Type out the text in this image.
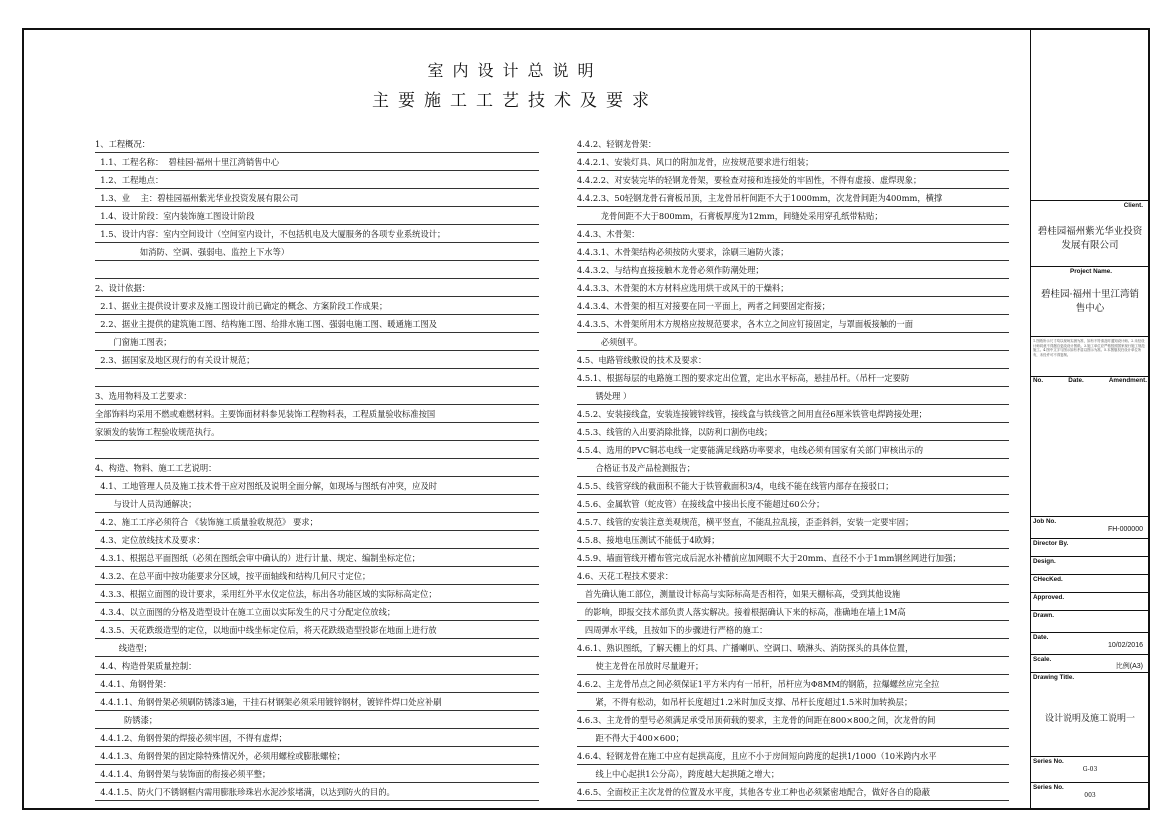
室内设计总说明
主要施工工艺技术及要求
1、工程概况：
1.1、工程名称：  碧桂园·福州十里江湾销售中心
1.2、工程地点：
1.3、业    主：碧桂园福州紫光华业投资发展有限公司
1.4、设计阶段：室内装饰施工图设计阶段
1.5、设计内容：室内空间设计（空间室内设计，不包括机电及大厦服务的各项专业系统设计；
如消防、空调、强弱电、监控上下水等）
2、设计依据：
2.1、据业主提供设计要求及施工图设计前已确定的概念、方案阶段工作成果；
2.2、据业主提供的建筑施工图、结构施工图、给排水施工图、强弱电施工图、暖通施工图及
门窗施工图表；
2.3、据国家及地区现行的有关设计规范；
3、选用物料及工艺要求：
全部饰料均采用不燃或难燃材料。主要饰面材料参见装饰工程物料表，工程质量验收标准按国
家颁发的装饰工程验收规范执行。
4、构造、物料、施工工艺说明：
4.1、工地管理人员及施工技术骨干应对图纸及说明全面分解，如现场与图纸有冲突，应及时
与设计人员沟通解决；
4.2、施工工序必须符合 《装饰施工质量验收规范》 要求；
4.3、定位放线技术及要求：
4.3.1、根据总平面图纸（必须在图纸会审中确认的）进行计量、规定、编制坐标定位；
4.3.2、在总平面中按功能要求分区域，按平面轴线和结构几何尺寸定位；
4.3.3、根据立面图的设计要求，采用红外平水仪定位法，标出各功能区域的实际标高定位；
4.3.4、以立面图的分格及造型设计在施工立面以实际发生的尺寸分配定位放线；
4.3.5、天花跌级造型的定位，以地面中线坐标定位后，将天花跌级造型投影在地面上进行放
线造型；
4.4、构造骨架质量控制：
4.4.1、角钢骨架：
4.4.1.1、角钢骨架必须刷防锈漆3遍，干挂石材钢架必须采用镀锌钢材，镀锌件焊口处应补刷
防锈漆；
4.4.1.2、角钢骨架的焊接必须牢固，不得有虚焊；
4.4.1.3、角钢骨架的固定除特殊情况外，必须用螺栓或膨胀螺栓；
4.4.1.4、角钢骨架与装饰面的衔接必须平整；
4.4.1.5、防火门不锈钢框内需用膨胀珍珠岩水泥沙浆堵满，以达到防火的目的。
4.4.2、轻钢龙骨架：
4.4.2.1、安装灯具、风口的附加龙骨，应按规范要求进行组装；
4.4.2.2、对安装完毕的轻钢龙骨架，要检查对接和连接处的牢固性，不得有虚接、虚焊现象；
4.4.2.3、50轻钢龙骨石膏板吊顶，主龙骨吊杆间距不大于1000mm，次龙骨间距为400mm，横撑
龙骨间距不大于800mm，石膏板厚度为12mm，间缝处采用穿孔纸带粘贴；
4.4.3、木骨架：
4.4.3.1、木骨架结构必须按防火要求，涂刷三遍防火漆；
4.4.3.2、与结构直接接触木龙骨必须作防潮处理；
4.4.3.3、木骨架的木方材料应选用烘干或风干的干燥料；
4.4.3.4、木骨架的相互对接要在同一平面上，两者之间要固定衔接；
4.4.3.5、木骨架所用木方规格应按规范要求，各木立之间应钉接固定，与罩面板接触的一面
必须刨平。
4.5、电路管线敷设的技术及要求：
4.5.1、根据每层的电路施工图的要求定出位置，定出水平标高，悬挂吊杆。（吊杆一定要防
锈处理 ）
4.5.2、安装接线盒，安装连接镀锌线管，接线盒与铁线管之间用直径6厘米铁管电焊跨接处理；
4.5.3、线管的入出要消除批锋，以防利口割伤电线；
4.5.4、选用的PVC铜芯电线一定要能满足线路功率要求，电线必须有国家有关部门审核出示的
合格证书及产品检测报告；
4.5.5、线管穿线的截面积不能大于铁管截面积3/4，电线不能在线管内部存在接驳口；
4.5.6、金属软管（蛇皮管）在接线盒中接出长度不能超过60公分；
4.5.7、线管的安装注意美观规范，横平竖直，不能乱拉乱接，歪歪斜斜，安装一定要牢固；
4.5.8、接地电压测试不能低于4欧姆；
4.5.9、墙面管线开槽布管完成后泥水补槽前应加网眼不大于20mm、直径不小于1mm钢丝网进行加强；
4.6、天花工程技术要求：
首先确认施工部位，测量设计标高与实际标高是否相符，如果天棚标高，受到其他设施
的影响，即报交技术部负责人落实解决。接着根据确认下来的标高，准确地在墙上1M高
四周弹水平线，且按如下的步骤进行严格的施工：
4.6.1、熟识图纸，了解天棚上的灯具、广播喇叭、空调口、喷淋头、消防探头的具体位置，
使主龙骨在吊放时尽量避开；
4.6.2、主龙骨吊点之间必须保证1平方米内有一吊杆，吊杆应为Φ8MM的钢筋，拉爆螺丝应完全拉
紧，不得有松动，如吊杆长度超过1.2米时加反支撑、吊杆长度超过1.5米时加转换层；
4.6.3、主龙骨的型号必须满足承受吊顶荷载的要求，主龙骨的间距在800×800之间，次龙骨的间
距不得大于400×600；
4.6.4、轻钢龙骨在施工中应有起拱高度，且应不小于房间短向跨度的起拱1/1000（10米跨内水平
线上中心起拱1公分高），跨度越大起拱随之增大；
4.6.5、全面校正主次龙骨的位置及水平度，其他各专业工种也必须紧密地配合，做好各自的隐蔽
Client.
碧桂园福州紫光华业投资发展有限公司
Project Name.
碧桂园·福州十里江湾销售中心
1.图纸所示尺寸均以现场实测为准，如有不符请及时通知设计师。2.未经设计师同意不得擅自更改设计图纸。3.施工单位应严格按照国家现行施工规范施工。4.图中文字与图示如有矛盾以图示为准。5.本图版权归设计单位所有，未经许可不得复制。
No.	Date.	Amendment.
Job No.
FH-000000
Director By.
Design.
CHecKed.
Approved.
Drawn.
Date.
10/02/2016
Scale.
比例(A3)
Drawing Title.
设计说明及施工说明一
Series No.
G-03
Series No.
003
